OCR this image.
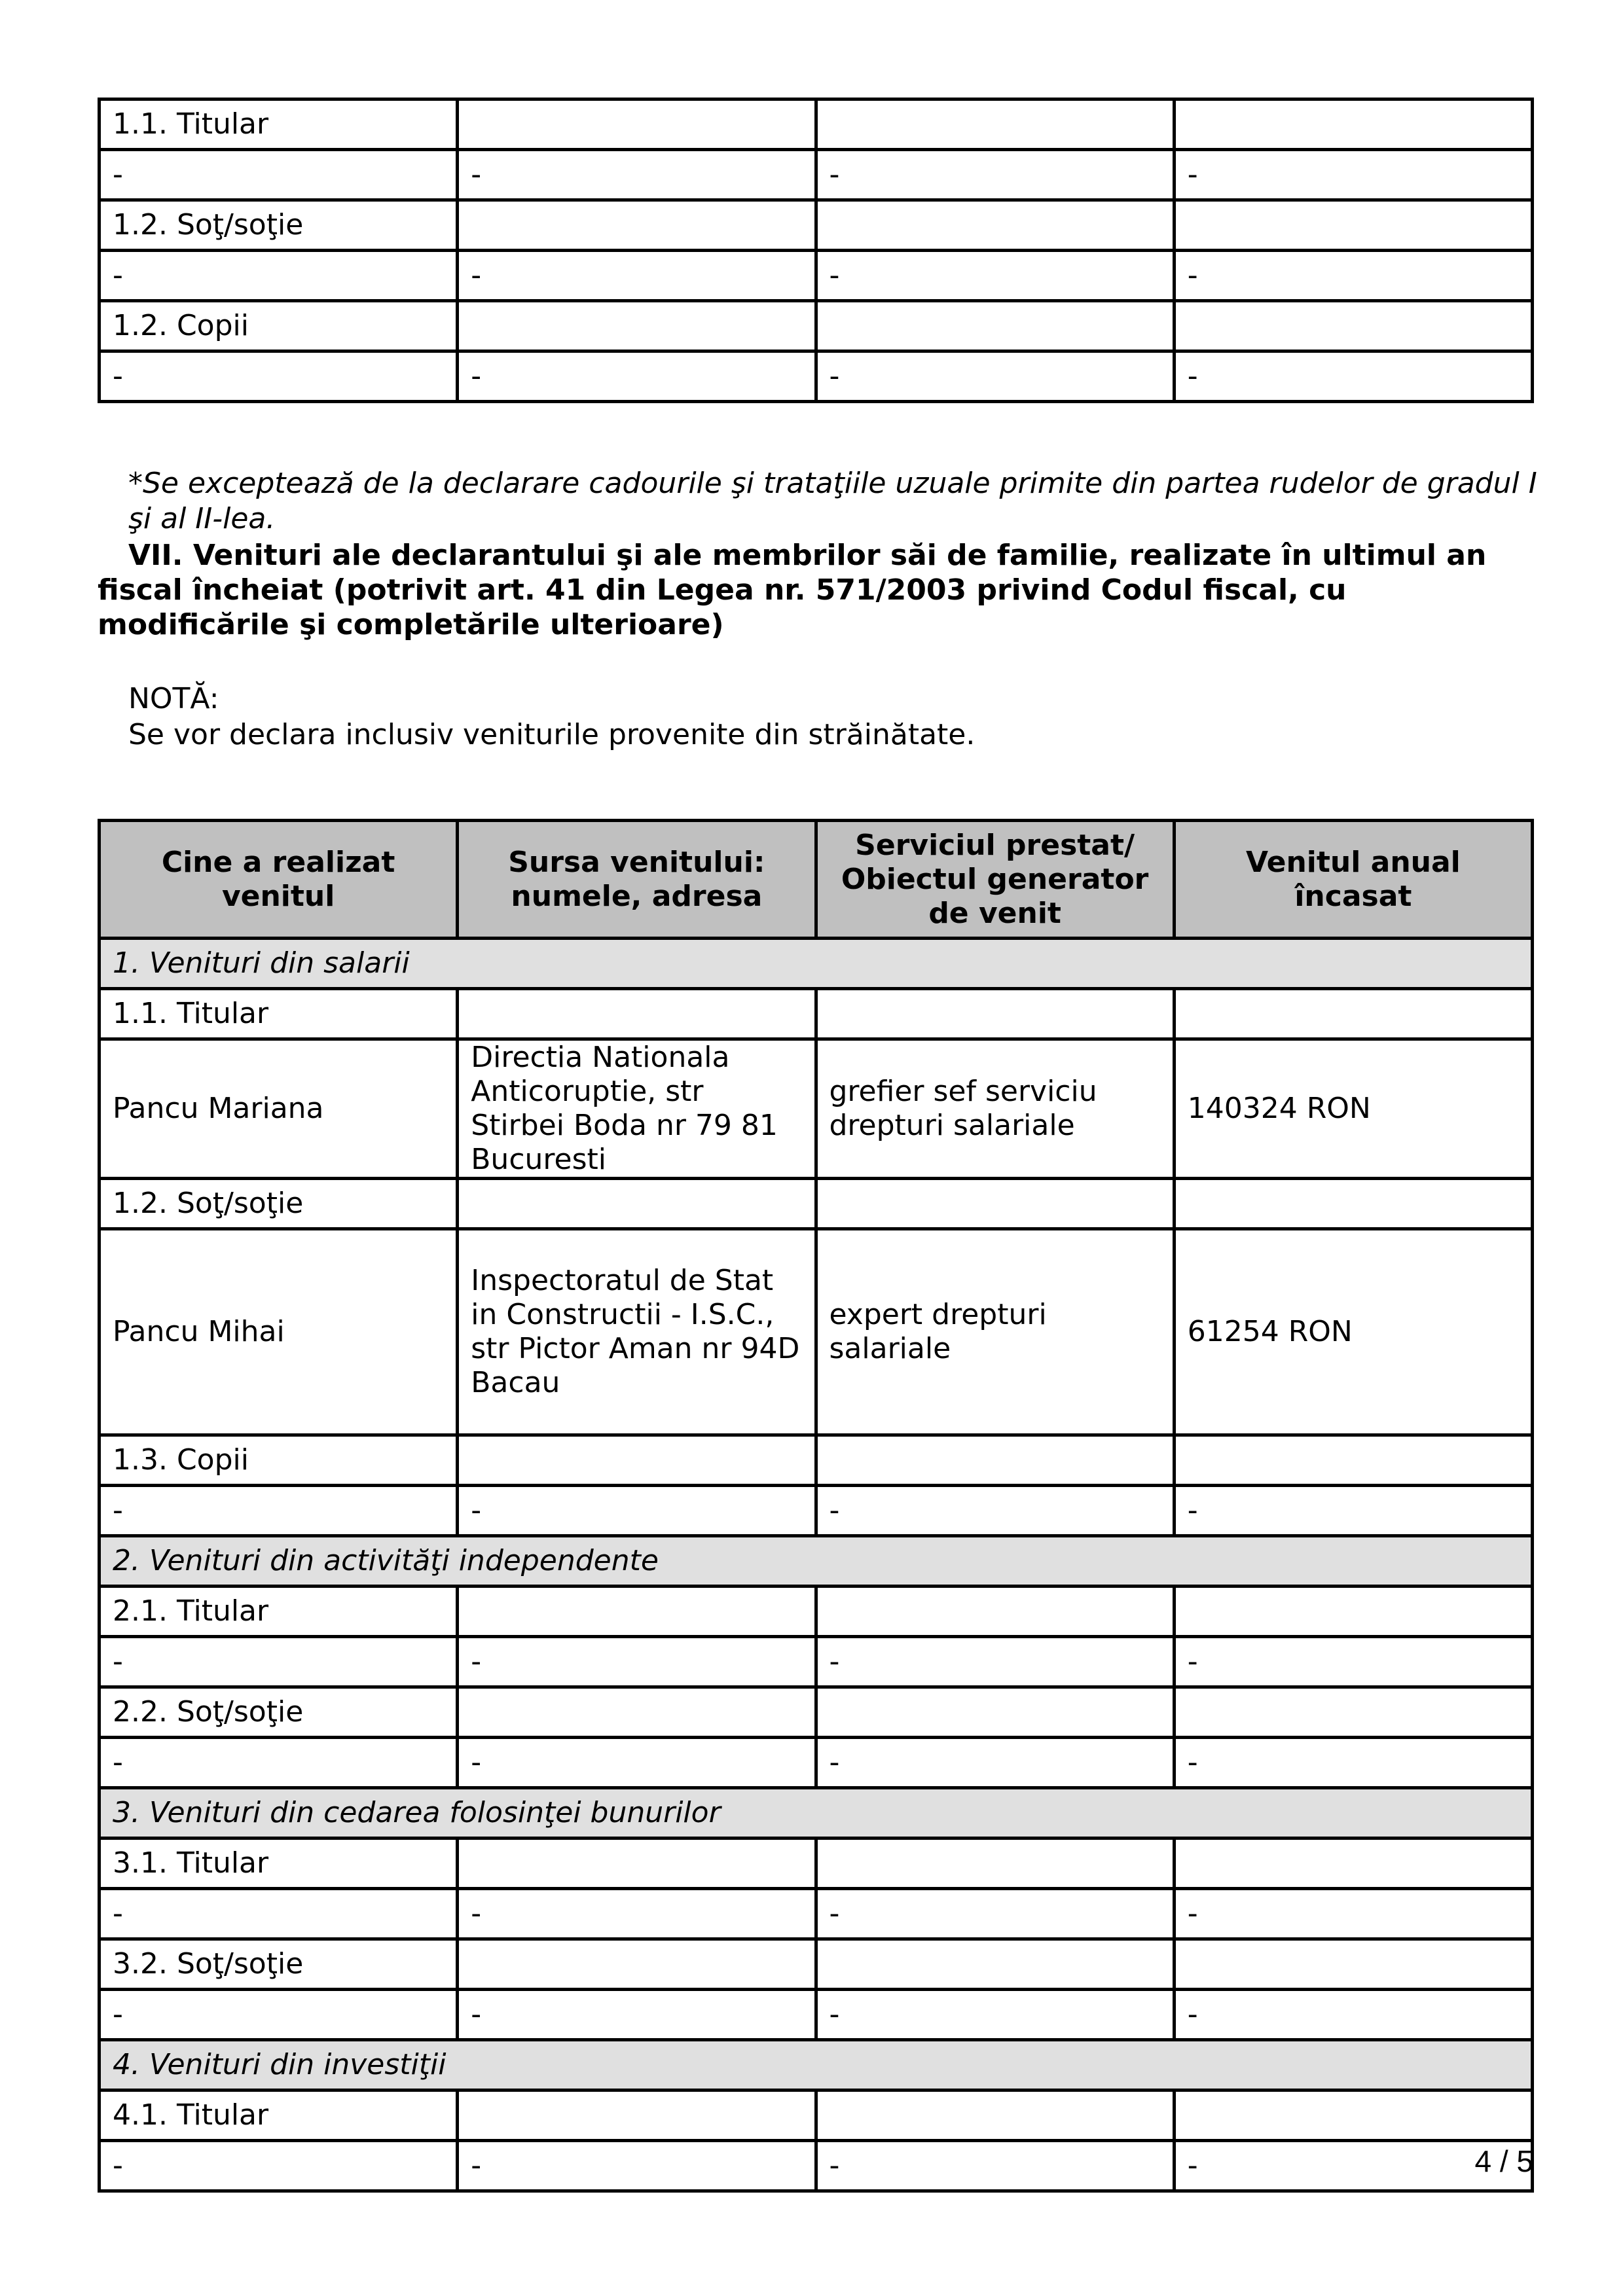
1.1. Titular			
-	-	-	-
1.2. Soţ/soţie			
-	-	-	-
1.2. Copii			
-	-	-	-
*Se exceptează de la declarare cadourile şi trataţiile uzuale primite din partea rudelor de gradul I şi al II-lea.
VII. Venituri ale declarantului şi ale membrilor săi de familie, realizate în ultimul an fiscal încheiat (potrivit art. 41 din Legea nr. 571/2003 privind Codul fiscal, cu modificările şi completările ulterioare)
NOTĂ:
Se vor declara inclusiv veniturile provenite din străinătate.
Cine a realizat venitul	Sursa venitului: numele, adresa	Serviciul prestat/ Obiectul generator de venit	Venitul anual încasat
1. Venituri din salarii			
1.1. Titular			
Pancu Mariana	Directia Nationala Anticoruptie, str Stirbei Boda nr 79 81 Bucuresti	grefier sef serviciu drepturi salariale	140324 RON
1.2. Soţ/soţie			
Pancu Mihai	Inspectoratul de Stat in Constructii - I.S.C., str Pictor Aman nr 94D Bacau	expert drepturi salariale	61254 RON
1.3. Copii			
-	-	-	-
2. Venituri din activităţi independente			
2.1. Titular			
-	-	-	-
2.2. Soţ/soţie			
-	-	-	-
3. Venituri din cedarea folosinţei bunurilor			
3.1. Titular			
-	-	-	-
3.2. Soţ/soţie			
-	-	-	-
4. Venituri din investiţii			
4.1. Titular			
-	-	-	-	4 / 5
